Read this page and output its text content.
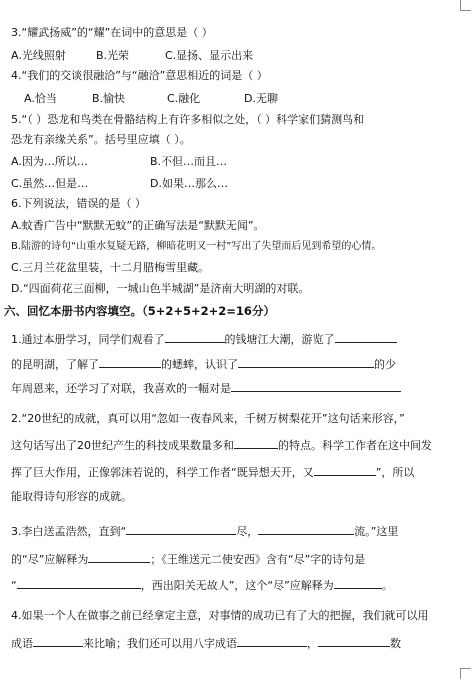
3.“耀武扬威”的“耀”在词中的意思是（ ）
A.光线照射	B.光荣	C.显扬、显示出来
4.“我们的交谈很融洽”与“融洽”意思相近的词是（ ）
A.恰当	B.愉快	C.融化	D.无聊
5.“（ ）恐龙和鸟类在骨骼结构上有许多相似之处，（ ）科学家们猜测鸟和
恐龙有亲缘关系”。括号里应填（ ）。
A.因为…所以…	B.不但…而且…
C.虽然…但是…	D.如果…那么…
6.下列说法，错误的是（ ）
A.蚊香广告中“默默无蚊”的正确写法是“默默无闻”。
B.陆游的诗句“山重水复疑无路，柳暗花明又一村”写出了失望而后见到希望的心情。
C.三月兰花盆里装，十二月腊梅雪里藏。
D.“四面荷花三面柳，一城山色半城湖”是济南大明湖的对联。
六、回忆本册书内容填空。（5+2+5+2+2=16分）
1.通过本册学习，同学们观看了	的钱塘江大潮，游览了
的昆明湖，了解了	的蟋蟀，认识了	的少
年周恩来，还学习了对联，我喜欢的一幅对是
2.“20世纪的成就，真可以用“忽如一夜春风来，千树万树梨花开”这句话来形容，”
这句话写出了20世纪产生的科技成果数量多和	的特点。科学工作者在这中间发
挥了巨大作用，正像郭沫若说的，科学工作者“既异想天开，又	”，所以
能取得诗句形容的成就。
3.李白送孟浩然，直到“	尽，	流。”这里
的“尽”应解释为	；《王维送元二使安西》含有“尽”字的诗句是
“	，西出阳关无故人”，这个“尽”应解释为	。
4.如果一个人在做事之前已经拿定主意，对事情的成功已有了大的把握，我们就可以用
成语	来比喻；我们还可以用八字成语	，	数
